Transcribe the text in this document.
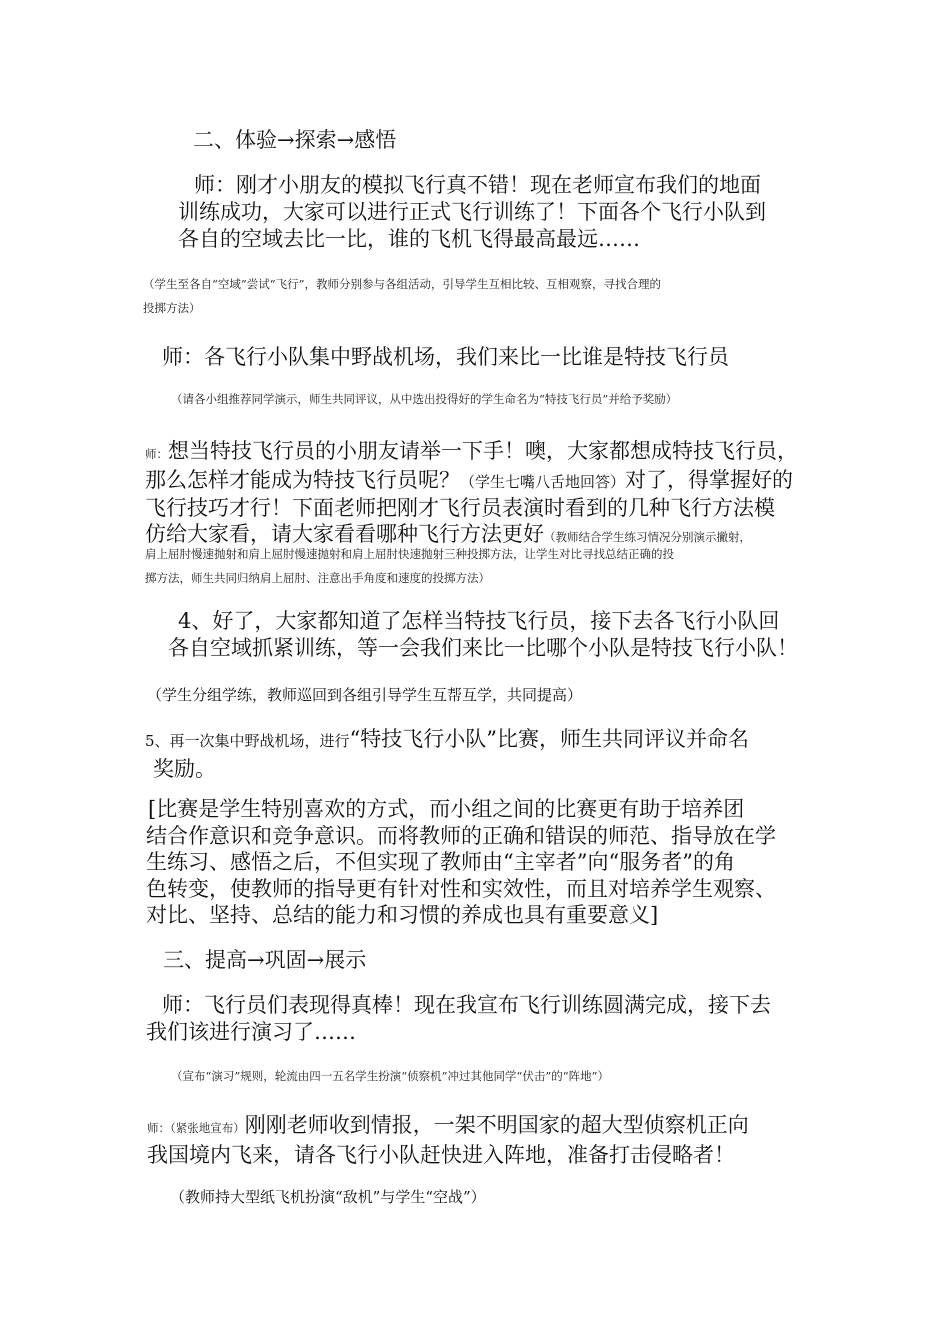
二、体验→探索→感悟

师：刚才小朋友的模拟飞行真不错！现在老师宣布我们的地面
训练成功，大家可以进行正式飞行训练了！下面各个飞行小队到
各自的空域去比一比，谁的飞机飞得最高最远……
（学生至各自“空域”尝试“飞行”，教师分别参与各组活动，引导学生互相比较、互相观察，寻找合理的
投掷方法）

师：各飞行小队集中野战机场，我们来比一比谁是特技飞行员

（请各小组推荐同学演示，师生共同评议，从中选出投得好的学生命名为“特技飞行员”并给予奖励）

师：想当特技飞行员的小朋友请举一下手！噢，大家都想成特技飞行员，
那么怎样才能成为特技飞行员呢？（学生七嘴八舌地回答）对了，得掌握好的
飞行技巧才行！下面老师把刚才飞行员表演时看到的几种飞行方法模
仿给大家看，请大家看看哪种飞行方法更好（教师结合学生练习情况分别演示撇射，
肩上屈肘慢速抛射和肩上屈肘慢速抛射和肩上屈肘快速抛射三种投掷方法，让学生对比寻找总结正确的投
掷方法，师生共同归纳肩上屈肘、注意出手角度和速度的投掷方法）
4、好了，大家都知道了怎样当特技飞行员，接下去各飞行小队回
各自空域抓紧训练，等一会我们来比一比哪个小队是特技飞行小队！

（学生分组学练，教师巡回到各组引导学生互帮互学，共同提高）

5、再一次集中野战机场，进行“特技飞行小队”比赛，师生共同评议并命名
奖励。
[比赛是学生特别喜欢的方式，而小组之间的比赛更有助于培养团
结合作意识和竞争意识。而将教师的正确和错误的师范、指导放在学
生练习、感悟之后，不但实现了教师由“主宰者”向“服务者”的角
色转变，使教师的指导更有针对性和实效性，而且对培养学生观察、
对比、坚持、总结的能力和习惯的养成也具有重要意义]

三、提高→巩固→展示

师：飞行员们表现得真棒！现在我宣布飞行训练圆满完成，接下去
我们该进行演习了……

（宣布“演习”规则，轮流由四一五名学生扮演“侦察机”冲过其他同学“伏击”的“阵地”）

师：（紧张地宣布）刚刚老师收到情报，一架不明国家的超大型侦察机正向
我国境内飞来，请各飞行小队赶快进入阵地，准备打击侵略者！

（教师持大型纸飞机扮演“敌机”与学生“空战”）
